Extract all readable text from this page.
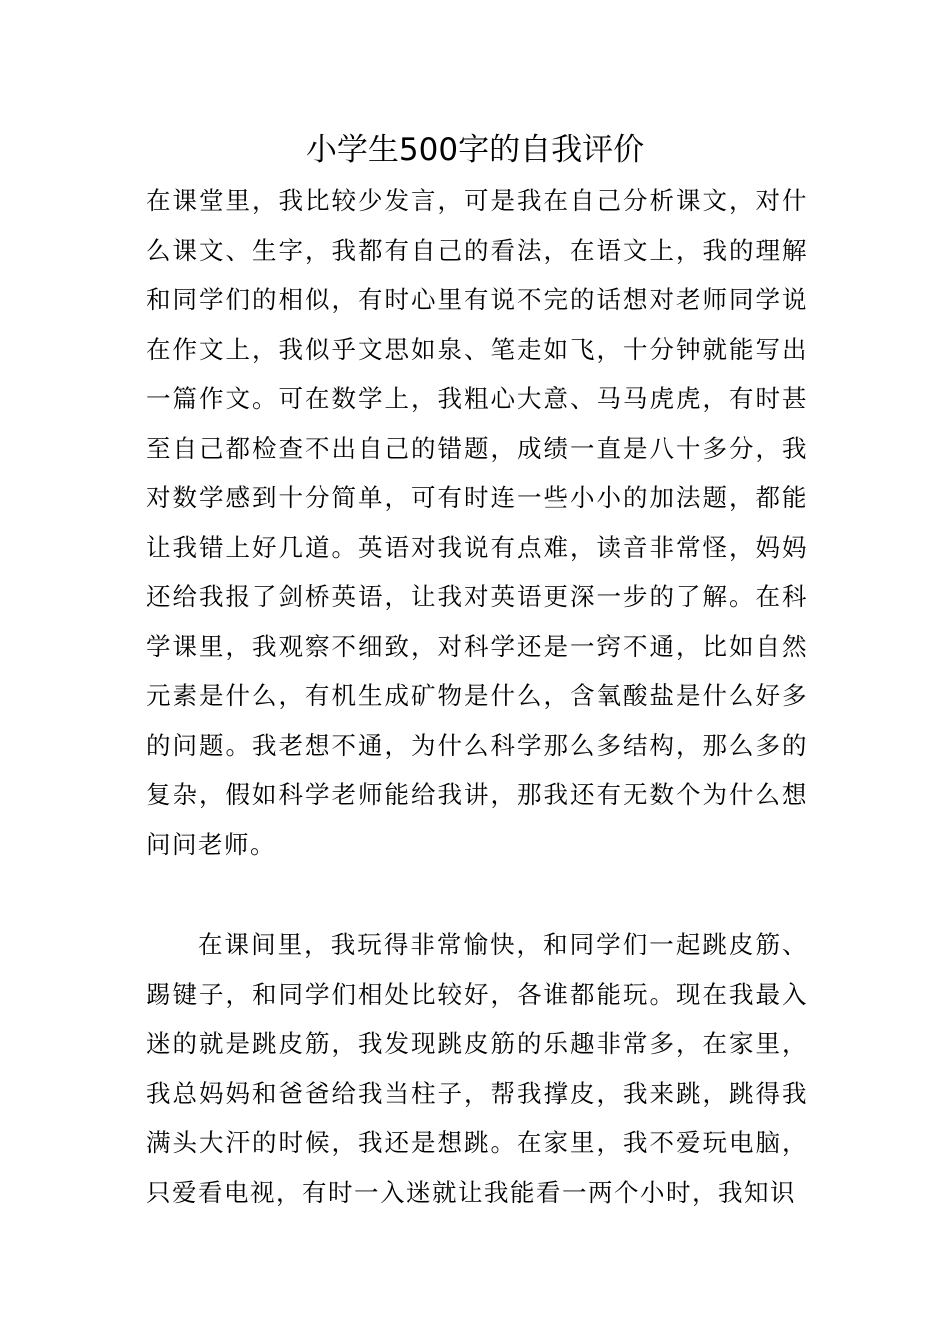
小学生500字的自我评价

在课堂里，我比较少发言，可是我在自己分析课文，对什么课文、生字，我都有自己的看法，在语文上，我的理解和同学们的相似，有时心里有说不完的话想对老师同学说在作文上，我似乎文思如泉、笔走如飞，十分钟就能写出一篇作文。可在数学上，我粗心大意、马马虎虎，有时甚至自己都检查不出自己的错题，成绩一直是八十多分，我对数学感到十分简单，可有时连一些小小的加法题，都能让我错上好几道。英语对我说有点难，读音非常怪，妈妈还给我报了剑桥英语，让我对英语更深一步的了解。在科学课里，我观察不细致，对科学还是一窍不通，比如自然元素是什么，有机生成矿物是什么，含氧酸盐是什么好多的问题。我老想不通，为什么科学那么多结构，那么多的复杂，假如科学老师能给我讲，那我还有无数个为什么想问问老师。

在课间里，我玩得非常愉快，和同学们一起跳皮筋、踢键子，和同学们相处比较好，各谁都能玩。现在我最入迷的就是跳皮筋，我发现跳皮筋的乐趣非常多，在家里，我总妈妈和爸爸给我当柱子，帮我撑皮，我来跳，跳得我满头大汗的时候，我还是想跳。在家里，我不爱玩电脑，只爱看电视，有时一入迷就让我能看一两个小时，我知识
